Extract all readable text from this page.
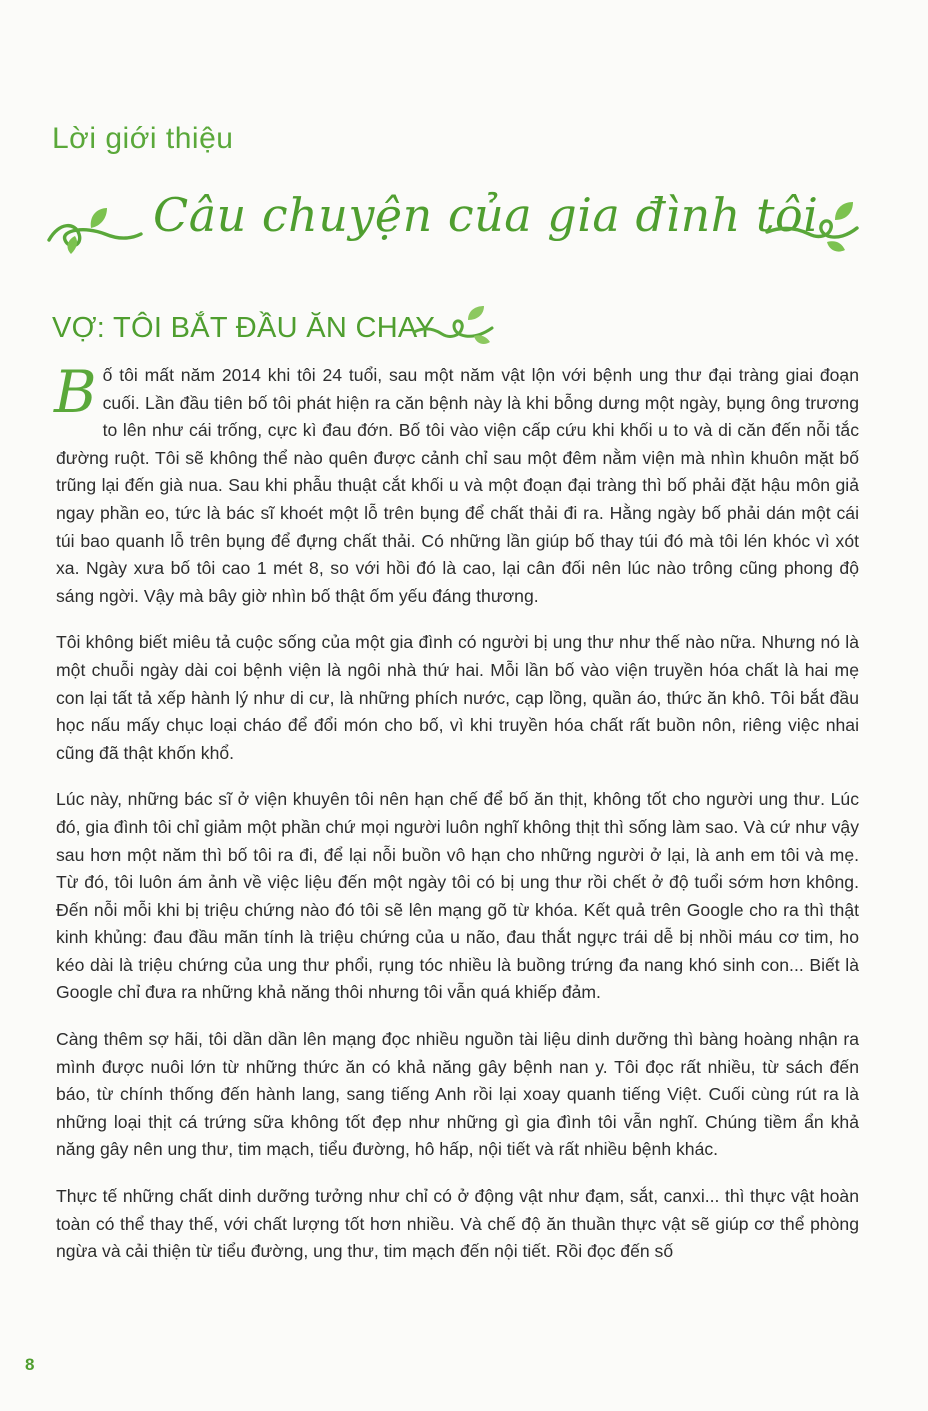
Lời giới thiệu
Câu chuyện của gia đình tôi
VỢ: TÔI BẮT ĐẦU ĂN CHAY

Bố tôi mất năm 2014 khi tôi 24 tuổi, sau một năm vật lộn với bệnh ung thư đại tràng giai đoạn cuối. Lần đầu tiên bố tôi phát hiện ra căn bệnh này là khi bỗng dưng một ngày, bụng ông trương to lên như cái trống, cực kì đau đớn. Bố tôi vào viện cấp cứu khi khối u to và di căn đến nỗi tắc đường ruột. Tôi sẽ không thể nào quên được cảnh chỉ sau một đêm nằm viện mà nhìn khuôn mặt bố trũng lại đến già nua. Sau khi phẫu thuật cắt khối u và một đoạn đại tràng thì bố phải đặt hậu môn giả ngay phần eo, tức là bác sĩ khoét một lỗ trên bụng để chất thải đi ra. Hằng ngày bố phải dán một cái túi bao quanh lỗ trên bụng để đựng chất thải. Có những lần giúp bố thay túi đó mà tôi lén khóc vì xót xa. Ngày xưa bố tôi cao 1 mét 8, so với hồi đó là cao, lại cân đối nên lúc nào trông cũng phong độ sáng ngời. Vậy mà bây giờ nhìn bố thật ốm yếu đáng thương.

Tôi không biết miêu tả cuộc sống của một gia đình có người bị ung thư như thế nào nữa. Nhưng nó là một chuỗi ngày dài coi bệnh viện là ngôi nhà thứ hai. Mỗi lần bố vào viện truyền hóa chất là hai mẹ con lại tất tả xếp hành lý như di cư, là những phích nước, cạp lồng, quần áo, thức ăn khô. Tôi bắt đầu học nấu mấy chục loại cháo để đổi món cho bố, vì khi truyền hóa chất rất buồn nôn, riêng việc nhai cũng đã thật khốn khổ.

Lúc này, những bác sĩ ở viện khuyên tôi nên hạn chế để bố ăn thịt, không tốt cho người ung thư. Lúc đó, gia đình tôi chỉ giảm một phần chứ mọi người luôn nghĩ không thịt thì sống làm sao. Và cứ như vậy sau hơn một năm thì bố tôi ra đi, để lại nỗi buồn vô hạn cho những người ở lại, là anh em tôi và mẹ. Từ đó, tôi luôn ám ảnh về việc liệu đến một ngày tôi có bị ung thư rồi chết ở độ tuổi sớm hơn không. Đến nỗi mỗi khi bị triệu chứng nào đó tôi sẽ lên mạng gõ từ khóa. Kết quả trên Google cho ra thì thật kinh khủng: đau đầu mãn tính là triệu chứng của u não, đau thắt ngực trái dễ bị nhồi máu cơ tim, ho kéo dài là triệu chứng của ung thư phổi, rụng tóc nhiều là buồng trứng đa nang khó sinh con... Biết là Google chỉ đưa ra những khả năng thôi nhưng tôi vẫn quá khiếp đảm.

Càng thêm sợ hãi, tôi dần dần lên mạng đọc nhiều nguồn tài liệu dinh dưỡng thì bàng hoàng nhận ra mình được nuôi lớn từ những thức ăn có khả năng gây bệnh nan y. Tôi đọc rất nhiều, từ sách đến báo, từ chính thống đến hành lang, sang tiếng Anh rồi lại xoay quanh tiếng Việt. Cuối cùng rút ra là những loại thịt cá trứng sữa không tốt đẹp như những gì gia đình tôi vẫn nghĩ. Chúng tiềm ẩn khả năng gây nên ung thư, tim mạch, tiểu đường, hô hấp, nội tiết và rất nhiều bệnh khác.

Thực tế những chất dinh dưỡng tưởng như chỉ có ở động vật như đạm, sắt, canxi... thì thực vật hoàn toàn có thể thay thế, với chất lượng tốt hơn nhiều. Và chế độ ăn thuần thực vật sẽ giúp cơ thể phòng ngừa và cải thiện từ tiểu đường, ung thư, tim mạch đến nội tiết. Rồi đọc đến số

8
